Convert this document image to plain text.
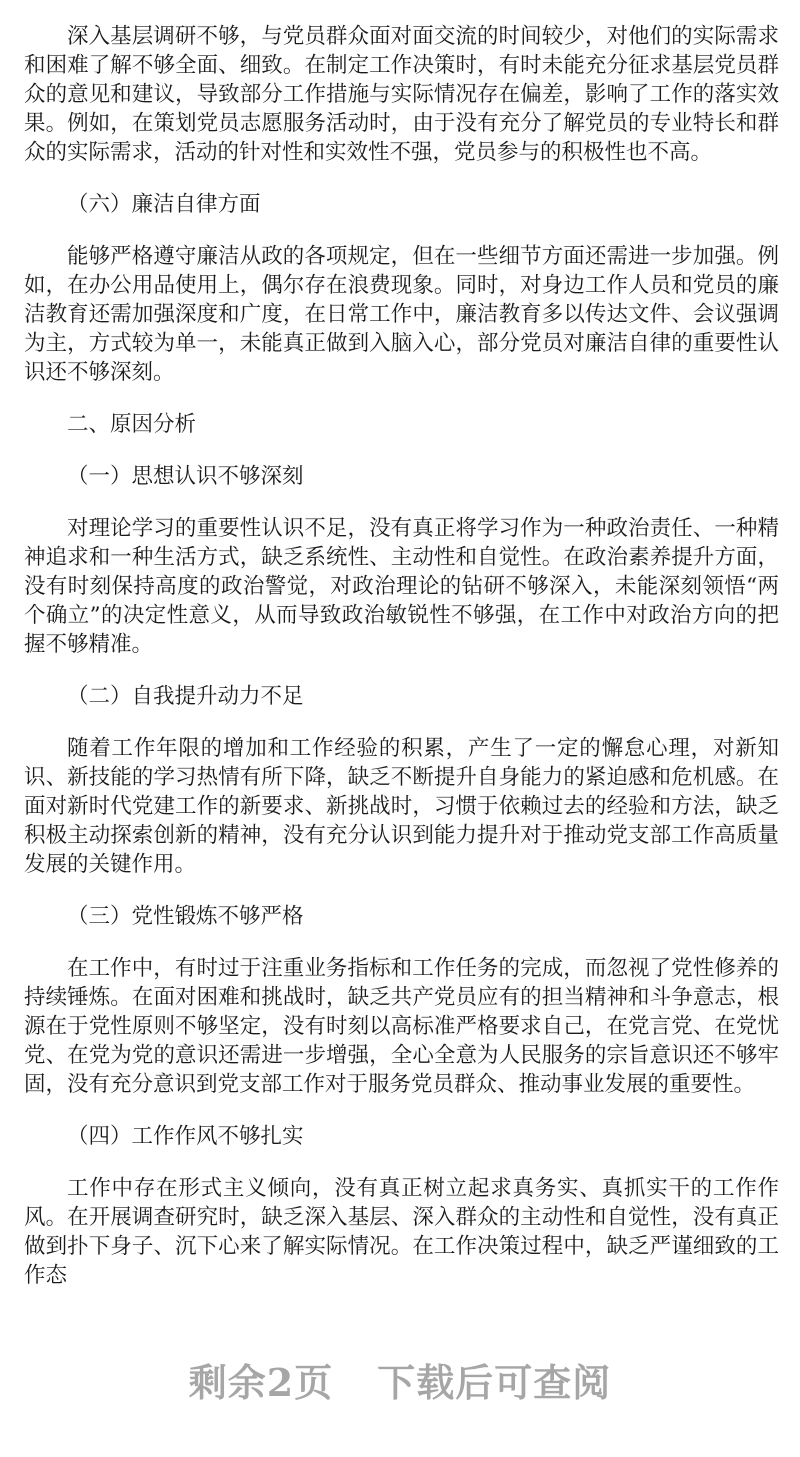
深入基层调研不够，与党员群众面对面交流的时间较少，对他们的实际需求和困难了解不够全面、细致。在制定工作决策时，有时未能充分征求基层党员群众的意见和建议，导致部分工作措施与实际情况存在偏差，影响了工作的落实效果。例如，在策划党员志愿服务活动时，由于没有充分了解党员的专业特长和群众的实际需求，活动的针对性和实效性不强，党员参与的积极性也不高。

（六）廉洁自律方面

能够严格遵守廉洁从政的各项规定，但在一些细节方面还需进一步加强。例如，在办公用品使用上，偶尔存在浪费现象。同时，对身边工作人员和党员的廉洁教育还需加强深度和广度，在日常工作中，廉洁教育多以传达文件、会议强调为主，方式较为单一，未能真正做到入脑入心，部分党员对廉洁自律的重要性认识还不够深刻。

二、原因分析

（一）思想认识不够深刻

对理论学习的重要性认识不足，没有真正将学习作为一种政治责任、一种精神追求和一种生活方式，缺乏系统性、主动性和自觉性。在政治素养提升方面，没有时刻保持高度的政治警觉，对政治理论的钻研不够深入，未能深刻领悟“两个确立”的决定性意义，从而导致政治敏锐性不够强，在工作中对政治方向的把握不够精准。

（二）自我提升动力不足

随着工作年限的增加和工作经验的积累，产生了一定的懈怠心理，对新知识、新技能的学习热情有所下降，缺乏不断提升自身能力的紧迫感和危机感。在面对新时代党建工作的新要求、新挑战时，习惯于依赖过去的经验和方法，缺乏积极主动探索创新的精神，没有充分认识到能力提升对于推动党支部工作高质量发展的关键作用。

（三）党性锻炼不够严格

在工作中，有时过于注重业务指标和工作任务的完成，而忽视了党性修养的持续锤炼。在面对困难和挑战时，缺乏共产党员应有的担当精神和斗争意志，根源在于党性原则不够坚定，没有时刻以高标准严格要求自己，在党言党、在党忧党、在党为党的意识还需进一步增强，全心全意为人民服务的宗旨意识还不够牢固，没有充分意识到党支部工作对于服务党员群众、推动事业发展的重要性。

（四）工作作风不够扎实

工作中存在形式主义倾向，没有真正树立起求真务实、真抓实干的工作作风。在开展调查研究时，缺乏深入基层、深入群众的主动性和自觉性，没有真正做到扑下身子、沉下心来了解实际情况。在工作决策过程中，缺乏严谨细致的工作态

剩余2页 下载后可查阅
